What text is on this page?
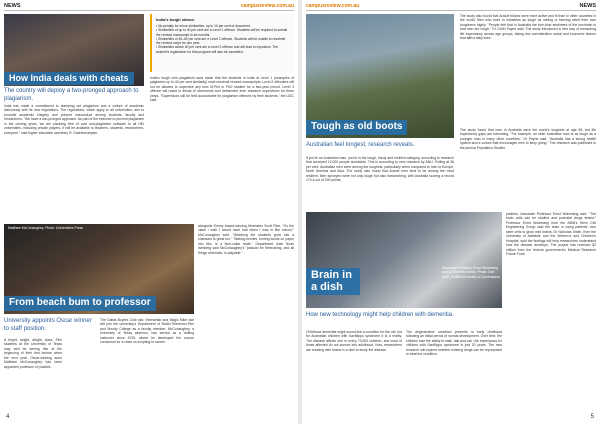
NEWS	campusreview.com.au
How India deals with cheats
The country will deploy a two-pronged approach to plagiarism.
India's tough stance
• No penalty for minor similarities, up to 10 per cent of document.
• Similarities of up to 40 per cent are a Level 1 offence. Students will be required to submit the revised manuscript in six months.
• Similarities of 40–60 per cent are a Level 2 offence. Students will be unable to resubmit the revised script for one year.
• Similarities above 60 per cent are a Level 3 offence and will lead to expulsion. The student's registration for that program will also be cancelled.

India has made a commitment to stamping out plagiarism and a culture of academic dishonesty with its new regulations. The regulations, which apply to all universities, aim to promote academic integrity and prevent misconduct among students, faculty and researchers. "We have a two-pronged approach. As part of the exercise to prevent plagiarism in the coming years, we are planning free of cost anti-plagiarism software to all HEI universities, including private players. It will be available to teachers, students, researchers, everyone." said higher education secretary R. Subrahmanyam.

India's tough new plagiarism laws mean that the students in India at Level 1 (examples of plagiarism up to 40 per cent similarity) must resubmit revised manuscripts. Level 2 offenders will not be allowed to supervise any new M.Phil or PhD student for a two-year period. Level 3 offence will result in denial of increments and debarment from research supervision for three years. "Supervisors will be held accountable for plagiarism offences by their students," the UGC said.

Matthew McConaughey. Photo: Universities Press
From beach bum to professor
University appoints Oscar winner to staff position.

A bright, alright, alright, class. Film students at the University of Texas may well be seeing this at the beginning of their first lecture when the next year. Oscar-winning actor Matthew McConaughey has been appointed professor of practice.

The Dallas Buyers Club star, Interstellar and Magic Mike star will join the university's Department of Radio-Television-Film and Moody College as a faculty member. McConaughey, a University of Texas alumnus, has served as a visiting instructor since 2015, where he developed the course curriculum for a class on scripting to screen.

alongside Emmy Award-winning filmmaker Scott Rice. "It's the class I wish I would have had when I was in film school," McConaughey said. "Watching the students grow into a character is great fun." "Making movies, turning words on paper into film, is a blue-collar trade." Department chair Noah Isenberg said McConaughey's "passion for filmmaking, and all things cinematic, is palpable."

4
campusreview.com.au	NEWS
Tough as old boots
Australian feel longest, research reveals.

If you're an Australian man, you're in the tough, hardy and resilient category, according to research that surveyed 12,000 people worldwide. This is according to new research by ANU. Polling at 36 per cent, Australian men were among the toughest, particularly when compared to men in Europe, North America and Asia. The study also found that Aussie men tend to be among the most resilient. Men surveyed were not only tough but also hardworking, with Australia scoring a record 174.4 out of 200 points.

The study also found that Aussie blokes were more active and fit than in other countries in the world. Men who work in industries as tough as mining or farming rated their own toughness highly. "People feel that in Australia the true-blue sentiment of the bushman is that men are tough," Dr Collin Payne said. The study introduced a new way of measuring life expectancy across age groups, taking into consideration social and economic factors that affect daily lives.

The study found that men in Australia were the world's toughest at age 65, but life expectancy gaps are narrowing. "For example, an older Australian man is as tough as a younger man in many other countries," Dr Payne said. "Australia has a strong health system and a culture that encourages men to keep going." The research was published in the journal Population Studies.

Brain in a dish
Associate Professor Ernst Wolvetang and Dr Dominic Marks. Photo: Dan Hunt, Griffith/University of Queensland
How new technology might help children with dementia.

Childhood dementia might sound like a condition for the old, but for Australian children with Sanfilippo syndrome it is a reality. The disease affects one in every 70,000 children, and most of those affected do not survive into adulthood. Now, researchers are creating mini brains in a dish to study the disease.

The degenerative condition presents in early childhood following an initial period of normal development. Over time, the children lose the ability to walk, talk and eat. Life expectancy for children with Sanfilippo syndrome is just 20 years. The new research will explore whether existing drugs can be repurposed to treat the condition.

patients, Associate Professor Ernst Wolvetang said. "The brain cells can be studied and potential drugs tested." Professor Ernst Wolvetang from the AIBN's Stem Cell Engineering Group said the team is using patients' own stem cells to grow mini brains. Dr Nicholas Smith, from the University of Adelaide and the Women's and Children's Hospital, said the findings will help researchers understand how the disease develops. The project has received $2 million from the federal government's Medical Research Future Fund.

5
